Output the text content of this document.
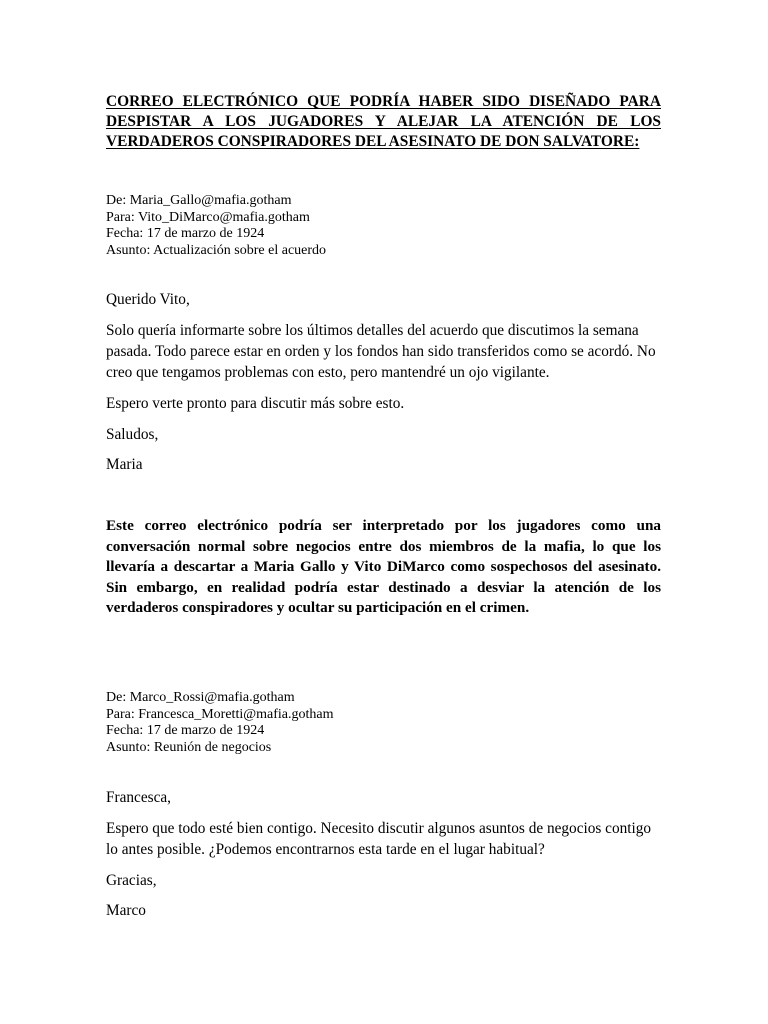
CORREO ELECTRÓNICO QUE PODRÍA HABER SIDO DISEÑADO PARA DESPISTAR A LOS JUGADORES Y ALEJAR LA ATENCIÓN DE LOS VERDADEROS CONSPIRADORES DEL ASESINATO DE DON SALVATORE:
De: Maria_Gallo@mafia.gotham
Para: Vito_DiMarco@mafia.gotham
Fecha: 17 de marzo de 1924
Asunto: Actualización sobre el acuerdo

Querido Vito,

Solo quería informarte sobre los últimos detalles del acuerdo que discutimos la semana pasada. Todo parece estar en orden y los fondos han sido transferidos como se acordó. No creo que tengamos problemas con esto, pero mantendré un ojo vigilante.

Espero verte pronto para discutir más sobre esto.

Saludos,

Maria

Este correo electrónico podría ser interpretado por los jugadores como una conversación normal sobre negocios entre dos miembros de la mafia, lo que los llevaría a descartar a Maria Gallo y Vito DiMarco como sospechosos del asesinato. Sin embargo, en realidad podría estar destinado a desviar la atención de los verdaderos conspiradores y ocultar su participación en el crimen.

De: Marco_Rossi@mafia.gotham
Para: Francesca_Moretti@mafia.gotham
Fecha: 17 de marzo de 1924
Asunto: Reunión de negocios

Francesca,

Espero que todo esté bien contigo. Necesito discutir algunos asuntos de negocios contigo lo antes posible. ¿Podemos encontrarnos esta tarde en el lugar habitual?

Gracias,

Marco
